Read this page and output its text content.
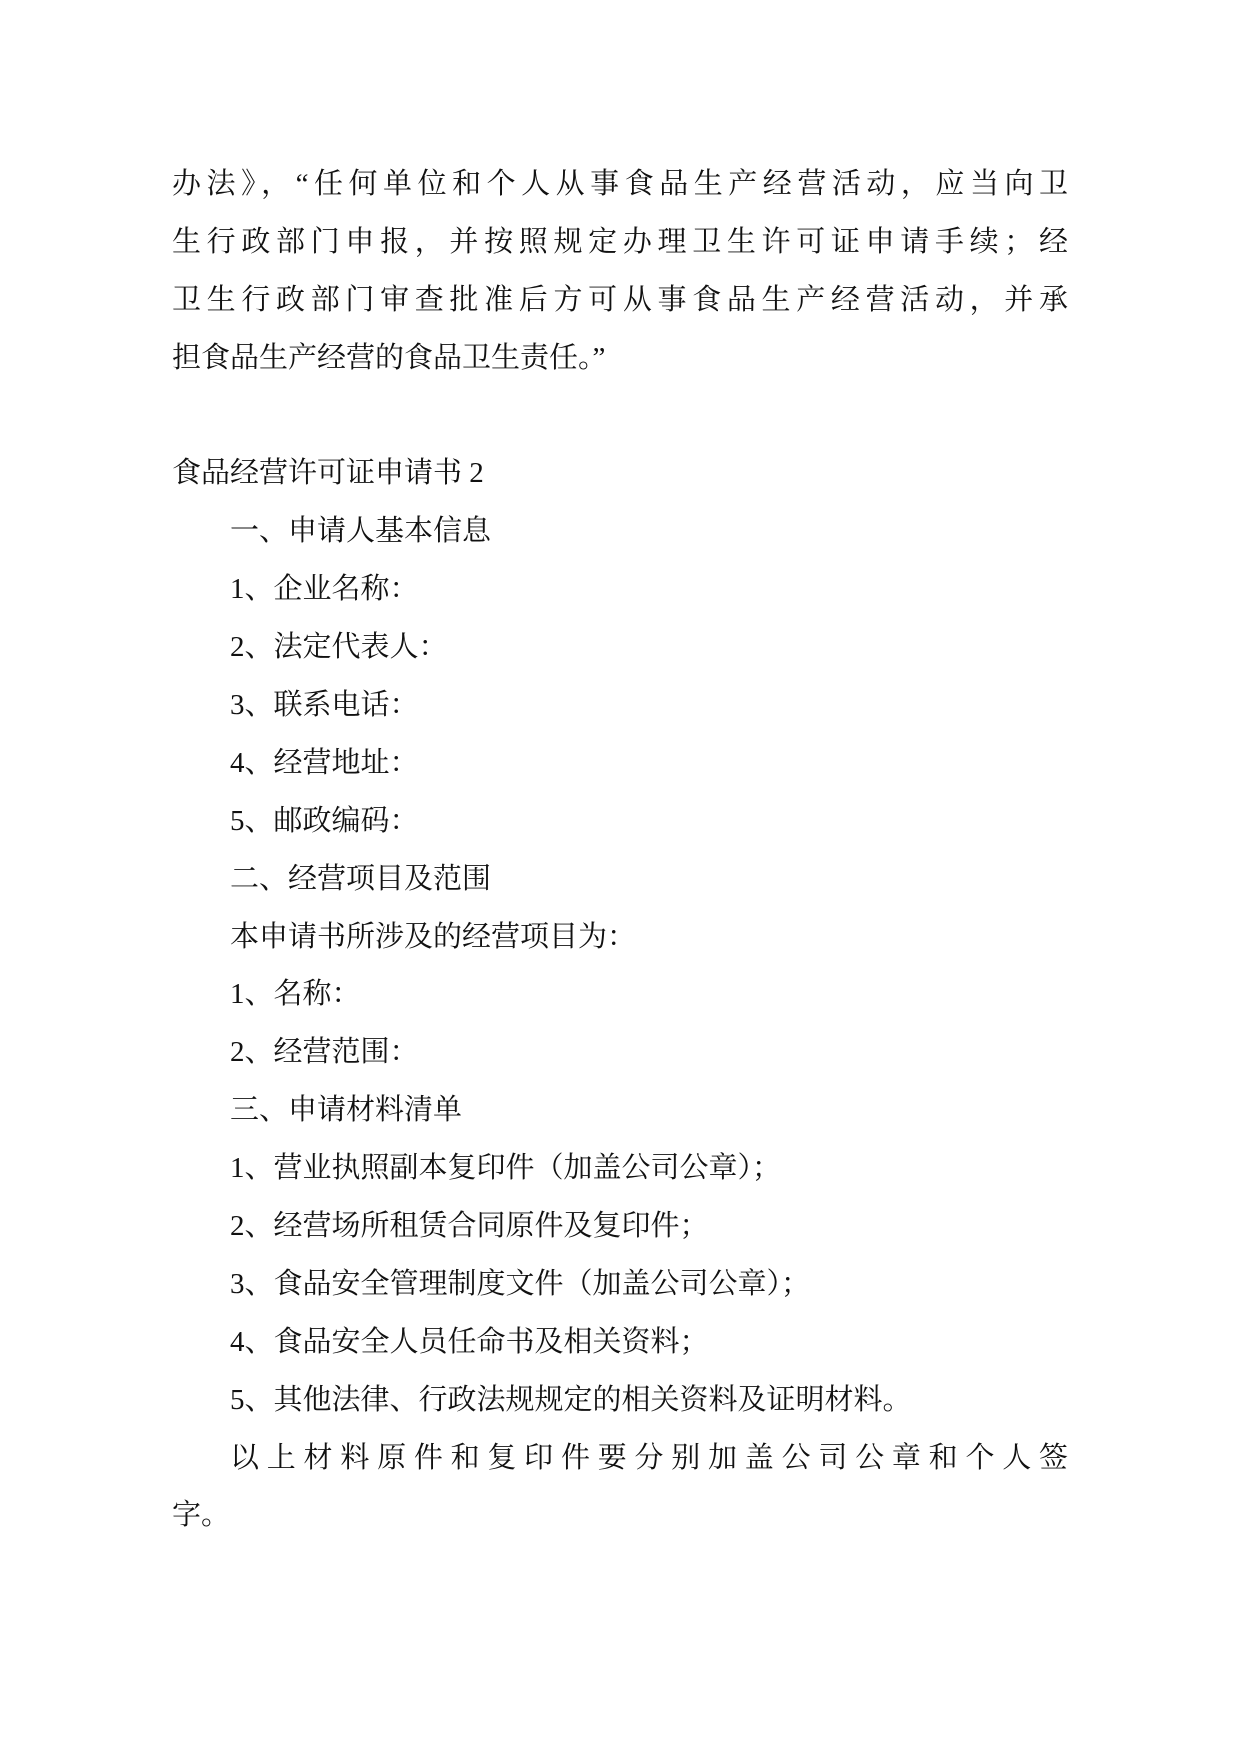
办法》，“任何单位和个人从事食品生产经营活动，应当向卫
生行政部门申报，并按照规定办理卫生许可证申请手续；经
卫生行政部门审查批准后方可从事食品生产经营活动，并承
担食品生产经营的食品卫生责任。”
食品经营许可证申请书 2
一、申请人基本信息
1、企业名称：
2、法定代表人：
3、联系电话：
4、经营地址：
5、邮政编码：
二、经营项目及范围
本申请书所涉及的经营项目为：
1、名称：
2、经营范围：
三、申请材料清单
1、营业执照副本复印件（加盖公司公章）；
2、经营场所租赁合同原件及复印件；
3、食品安全管理制度文件（加盖公司公章）；
4、食品安全人员任命书及相关资料；
5、其他法律、行政法规规定的相关资料及证明材料。
以上材料原件和复印件要分别加盖公司公章和个人签
字。
